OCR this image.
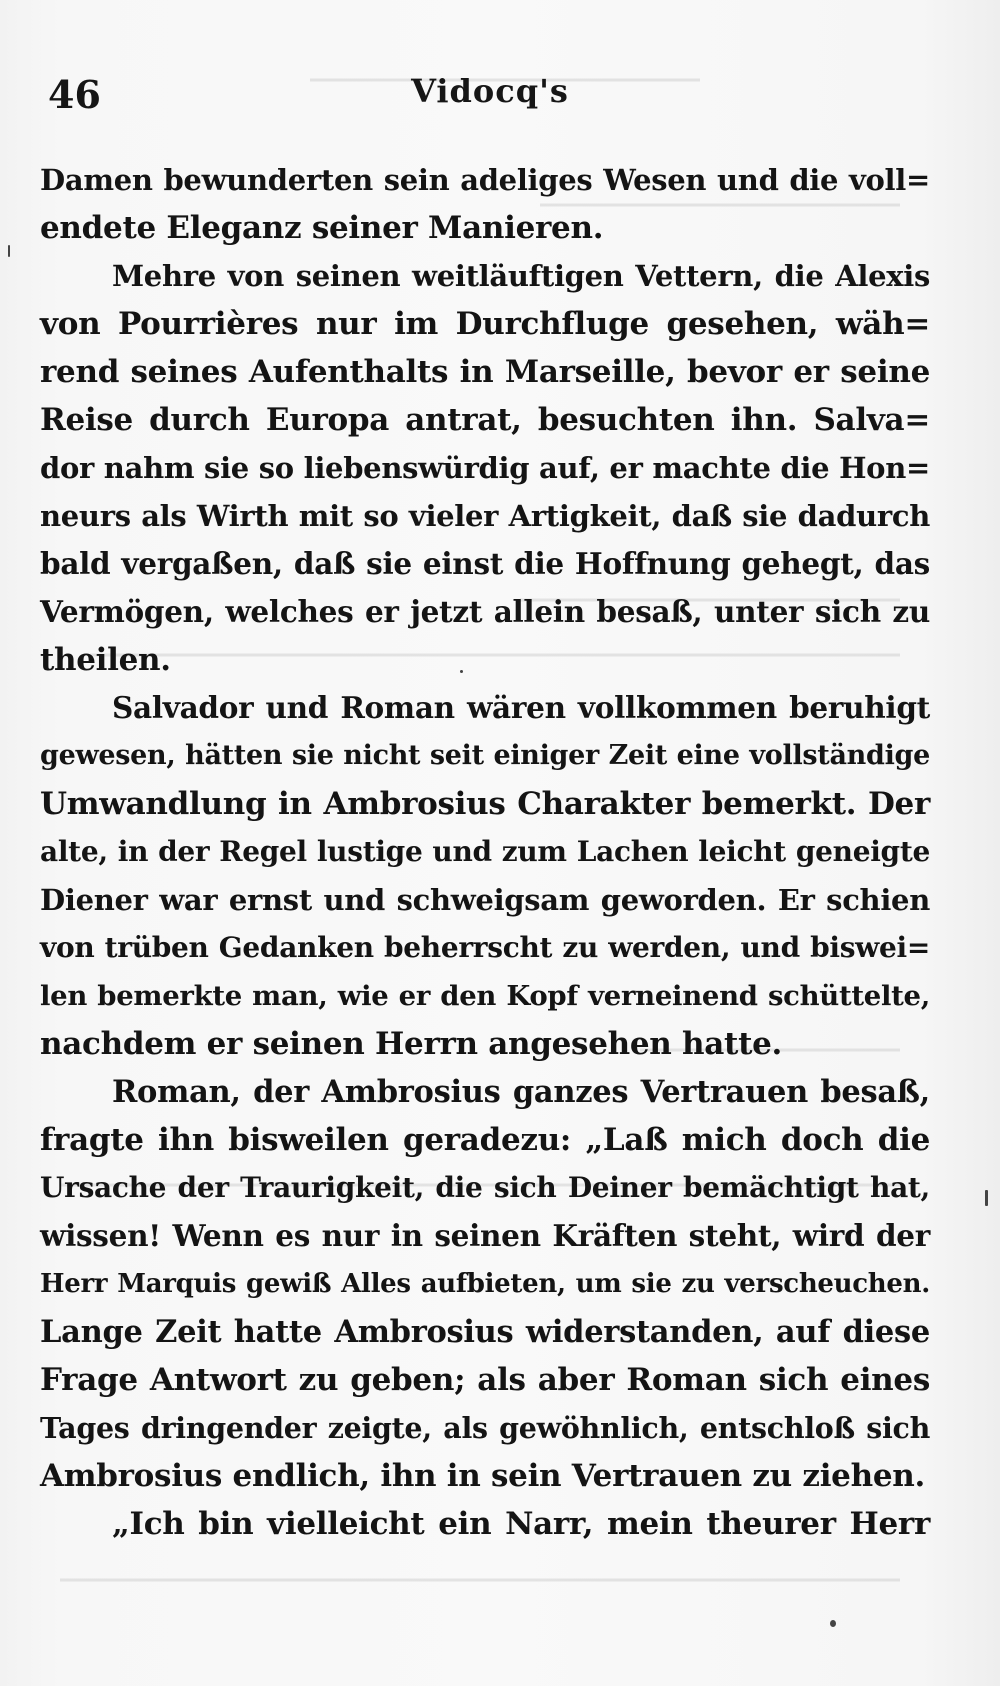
46	Vidocq's
Damen bewunderten sein adeliges Wesen und die voll=
endete Eleganz seiner Manieren.
Mehre von seinen weitläuftigen Vettern, die Alexis
von Pourrières nur im Durchfluge gesehen, wäh=
rend seines Aufenthalts in Marseille, bevor er seine
Reise durch Europa antrat, besuchten ihn. Salva=
dor nahm sie so liebenswürdig auf, er machte die Hon=
neurs als Wirth mit so vieler Artigkeit, daß sie dadurch
bald vergaßen, daß sie einst die Hoffnung gehegt, das
Vermögen, welches er jetzt allein besaß, unter sich zu
theilen.
Salvador und Roman wären vollkommen beruhigt
gewesen, hätten sie nicht seit einiger Zeit eine vollständige
Umwandlung in Ambrosius Charakter bemerkt. Der
alte, in der Regel lustige und zum Lachen leicht geneigte
Diener war ernst und schweigsam geworden. Er schien
von trüben Gedanken beherrscht zu werden, und biswei=
len bemerkte man, wie er den Kopf verneinend schüttelte,
nachdem er seinen Herrn angesehen hatte.
Roman, der Ambrosius ganzes Vertrauen besaß,
fragte ihn bisweilen geradezu: „Laß mich doch die
Ursache der Traurigkeit, die sich Deiner bemächtigt hat,
wissen! Wenn es nur in seinen Kräften steht, wird der
Herr Marquis gewiß Alles aufbieten, um sie zu verscheuchen.
Lange Zeit hatte Ambrosius widerstanden, auf diese
Frage Antwort zu geben; als aber Roman sich eines
Tages dringender zeigte, als gewöhnlich, entschloß sich
Ambrosius endlich, ihn in sein Vertrauen zu ziehen.
„Ich bin vielleicht ein Narr, mein theurer Herr
